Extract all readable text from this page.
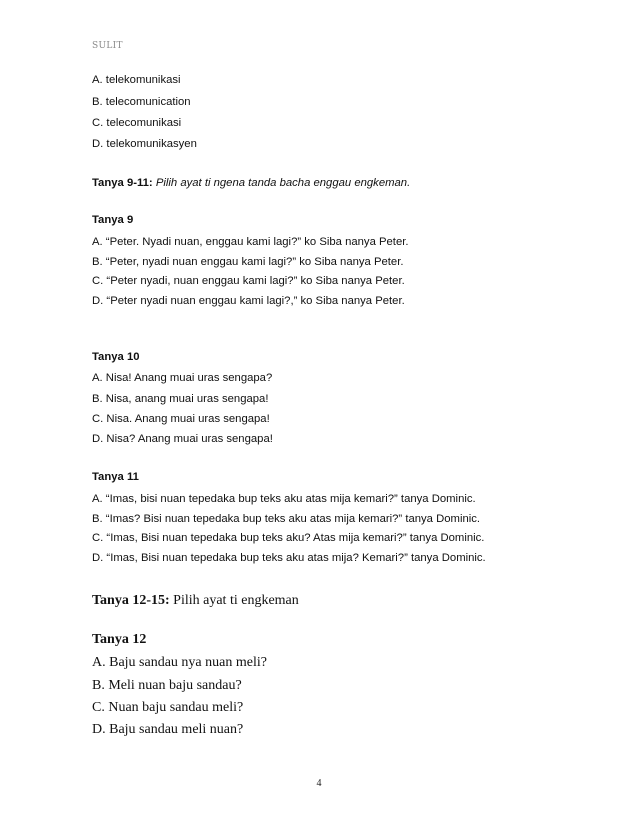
SULIT
A. telekomunikasi
B. telecomunication
C. telecomunikasi
D. telekomunikasyen
Tanya 9-11: Pilih ayat ti ngena tanda bacha enggau engkeman.
Tanya 9
A. “Peter. Nyadi nuan, enggau kami lagi?” ko Siba nanya Peter.
B. “Peter, nyadi nuan enggau kami lagi?” ko Siba nanya Peter.
C. “Peter nyadi, nuan enggau kami lagi?” ko Siba nanya Peter.
D. “Peter nyadi nuan enggau kami lagi?,” ko Siba nanya Peter.
Tanya 10
A. Nisa! Anang muai uras sengapa?
B. Nisa, anang muai uras sengapa!
C. Nisa. Anang muai uras sengapa!
D. Nisa? Anang muai uras sengapa!
Tanya 11
A. “Imas, bisi nuan tepedaka bup teks aku atas mija kemari?” tanya Dominic.
B. “Imas? Bisi nuan tepedaka bup teks aku atas mija kemari?” tanya Dominic.
C. “Imas, Bisi nuan tepedaka bup teks aku? Atas mija kemari?” tanya Dominic.
D. “Imas, Bisi nuan tepedaka bup teks aku atas mija? Kemari?” tanya Dominic.
Tanya 12-15: Pilih ayat ti engkeman
Tanya 12
A. Baju sandau nya nuan meli?
B. Meli nuan baju sandau?
C. Nuan baju sandau meli?
D. Baju sandau meli nuan?
4
